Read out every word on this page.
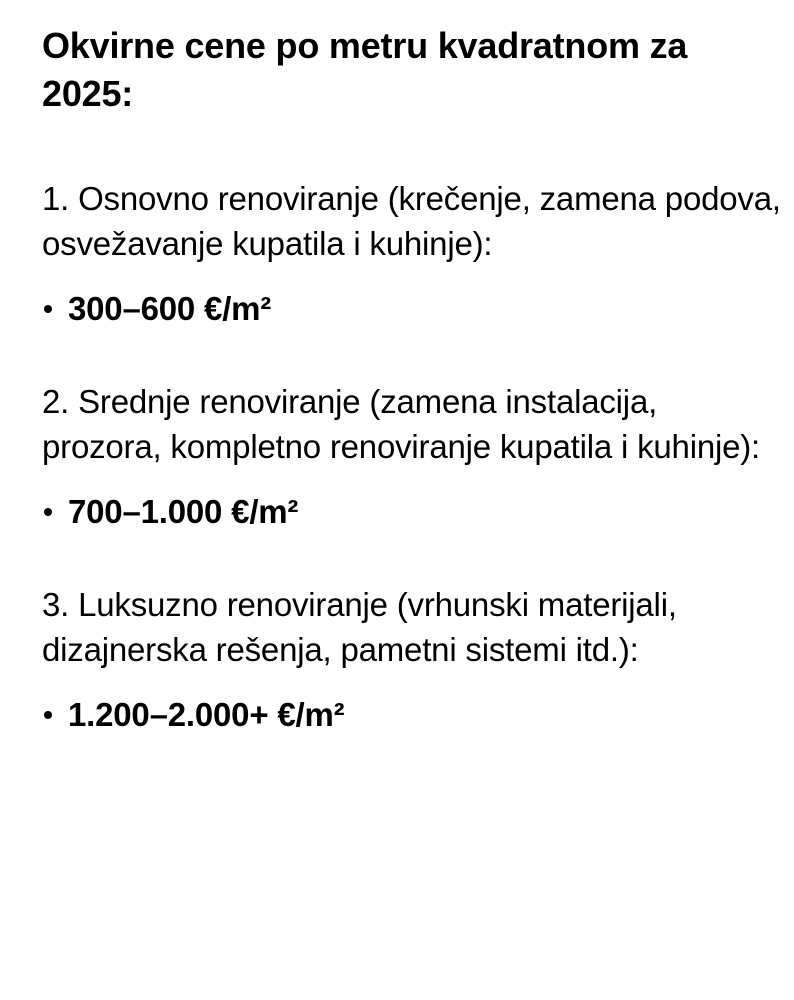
Okvirne cene po metru kvadratnom za 2025:

1. Osnovno renoviranje (krečenje, zamena podova, osvežavanje kupatila i kuhinje):

300–600 €/m²

2. Srednje renoviranje (zamena instalacija, prozora, kompletno renoviranje kupatila i kuhinje):

700–1.000 €/m²

3. Luksuzno renoviranje (vrhunski materijali, dizajnerska rešenja, pametni sistemi itd.):

1.200–2.000+ €/m²
